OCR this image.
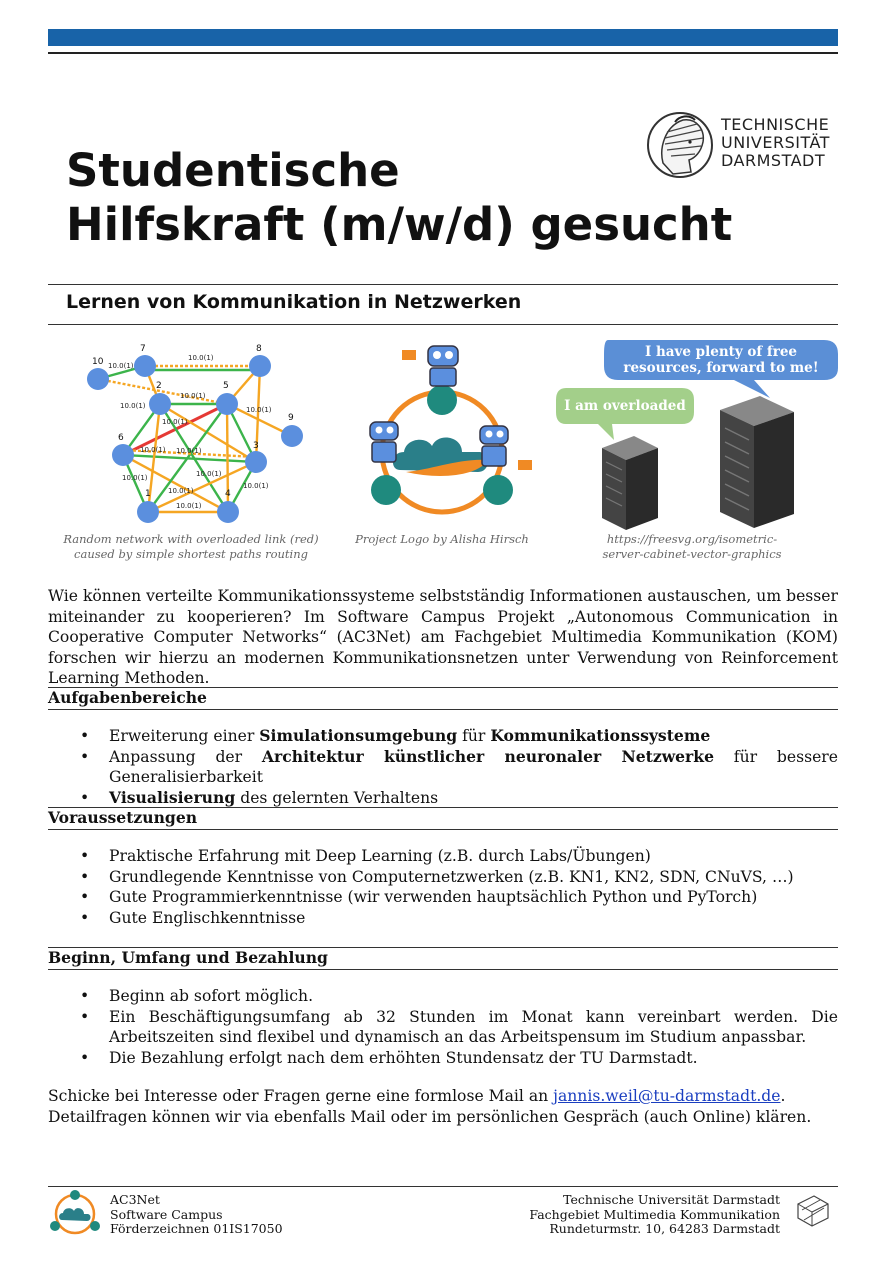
TECHNISCHE
UNIVERSITÄT
DARMSTADT
Studentische
Hilfskraft (m/w/d) gesucht
Lernen von Kommunikation in Netzwerken
10
7	8
2	5
9
6
3
1	4
10.0(1)
10.0(1)
10.0(1)
10.0(1)
10.0(1)
10.0(1)
10.0(1) 10.0(1)
10.0(1)	10.0(1)
10.0(1)
10.0(1)
10.0(1)
Random network with overloaded link (red)
caused by simple shortest paths routing
Project Logo by Alisha Hirsch
I have plenty of free
resources, forward to me!
I am overloaded
https://freesvg.org/isometric-
server-cabinet-vector-graphics

Wie können verteilte Kommunikationssysteme selbstständig Informationen austauschen, um besser miteinander zu kooperieren? Im Software Campus Projekt „Autonomous Communication in Cooperative Computer Networks“ (AC3Net) am Fachgebiet Multimedia Kommunikation (KOM) forschen wir hierzu an modernen Kommunikationsnetzen unter Verwendung von Reinforcement Learning Methoden.

Aufgabenbereiche
• Erweiterung einer Simulationsumgebung für Kommunikationssysteme
• Anpassung der Architektur künstlicher neuronaler Netzwerke für bessere Generalisierbarkeit
• Visualisierung des gelernten Verhaltens
Voraussetzungen
• Praktische Erfahrung mit Deep Learning (z.B. durch Labs/Übungen)
• Grundlegende Kenntnisse von Computernetzwerken (z.B. KN1, KN2, SDN, CNuVS, …)
• Gute Programmierkenntnisse (wir verwenden hauptsächlich Python und PyTorch)
• Gute Englischkenntnisse
Beginn, Umfang und Bezahlung
• Beginn ab sofort möglich.
• Ein Beschäftigungsumfang ab 32 Stunden im Monat kann vereinbart werden. Die Arbeitszeiten sind flexibel und dynamisch an das Arbeitspensum im Studium anpassbar.
• Die Bezahlung erfolgt nach dem erhöhten Stundensatz der TU Darmstadt.

Schicke bei Interesse oder Fragen gerne eine formlose Mail an jannis.weil@tu-darmstadt.de. Detailfragen können wir via ebenfalls Mail oder im persönlichen Gespräch (auch Online) klären.

AC3Net
Software Campus
Förderzeichnen 01IS17050
Technische Universität Darmstadt
Fachgebiet Multimedia Kommunikation
Rundeturmstr. 10, 64283 Darmstadt
